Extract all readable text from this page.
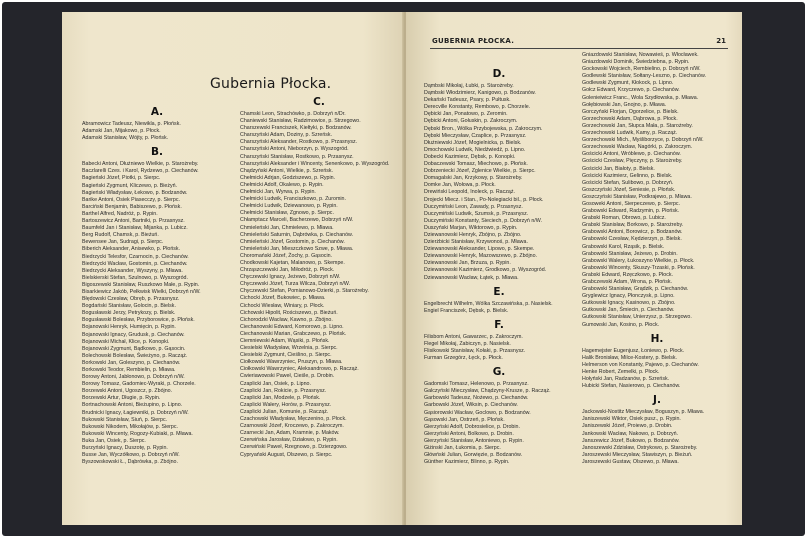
Gubernia Płocka.
A.
Abramowicz Tadeusz, Niewikla, p. Płońsk.
Adamski Jan, Mijakowo, p. Płock.
Adamski Stanisław, Wójty, p. Płońsk.
B.
Babecki Antoni, Dłużniewo Wielkie, p. Starożreby.
Baczlarelli Czes. i Karol, Rydzewo, p. Ciechanów.
Bagieński Józef, Piotki, p. Sierpc.
Bagieński Zygmunt, Kliczewo, p. Bieżyń.
Bagieński Władysław, Łekowo, p. Bodzanów.
Barike Antoni, Osiek Piasecczy, p. Sierpc.
Barciński Benjamin, Babiszewo, p. Płońsk.
Barthel Alfred, Nadróż, p. Rypin.
Bartoszewicz Antoni, Bartniki, p. Przasnysz.
Baumfeld Jan i Stanisław, Mijanka, p. Lubicz.
Berg Rudolf, Chamsk, p. Bieżuń.
Bewensee Jan, Sudragi, p. Sierpc.
Biberich Aleksander, Anisewko, p. Płońsk.
Biedrzycki Telesfor, Czarnocin, p. Ciechanów.
Biedrzycki Wacław, Gostomin, p. Ciechanów.
Biedrzycki Aleksander, Wyszyny, p. Mława.
Bielskierski Stefan, Szulnowo, p. Wyszogród.
Bigoszewski Stanisław, Ruszkowo Małe, p. Rypin.
Bisarkiewicz Jakób, Pełkwisk Wielki, Dobrzyń n/W.
Błędowski Czesław, Obręb, p. Przasnysz.
Bogdański Stanisław, Golocin, p. Bielsk.
Bogusławski Jerzy, Petrykozy, p. Bielsk.
Bogusławski Bolesław, Przyborowice, p. Płońsk.
Bojanowski Henryk, Humięcin, p. Rypin.
Bojanowski Ignacy, Grudusk, p. Ciechanów.
Bojanowski Michał, Klice, p. Konopki.
Bojanowski Zygmunt, Bądkowo, p. Gąsocin.
Bolechowski Bolesław, Świeżyno, p. Racząż.
Borkowski Jan, Goleszyno, p. Ciechanów.
Borkowski Teodor, Rembielin, p. Mława.
Borowy Antoni, Jabłonowo, p. Dobrzyń n/W.
Borowy Tomasz, Gadomiec-Wyraki, p. Chorzele.
Borzewski Antoni, Ugoszcz, p. Zbójno.
Borzewski Artur, Długie, p. Rypin.
Bortnachowski Antoni, Bieżupino, p. Lipno.
Brudnicki Ignacy, Łagiewniki, p. Dobrzyń n/W.
Bukowski Stanisław, Siuń, p. Sierpc.
Bukowski Nikodem, Mikołajów, p. Sierpc.
Bukowski Wincenty, Rogozy-Kubiaki, p. Mława.
Buka Jan, Osiek, p. Sierpc.
Burzyński Ignacy, Duszotę, p. Rypin.
Busse Jan, Wyczółkowo, p. Dobrzyń n/W.
Byszowskowski Ł., Dąbrówka, p. Zbójno.
C.
Chamski Leon, Strachówko, p. Dobrzyń n/Dr.
Chaniewski Stanisław, Radzimowice, p. Strzegowo.
Charszewski Franciszek, Kiełtyki, p. Bodzanów.
Charszyński Adam, Doziny, p. Szreńsk.
Charszyński Aleksander, Rostkowo, p. Przasnysz.
Charszyński Antoni, Nieborzyn, p. Wyszogród.
Charszyński Stanisław, Rostkowo, p. Przasnysz.
Charszyński Aleksander i Wincenty, Senenkowo, p. Wyszogród.
Chądzyński Antoni, Wielkie, p. Szreńsk.
Chełmicki Adrjan, Godziszewo, p. Rypin.
Chełmicki Adolf, Okalewo, p. Rypin.
Chełmicki Jan, Wyrwa, p. Rypin.
Chełmicki Ludwik, Franciszkowo, p. Zuromin.
Chełmicki Ludwik, Dziewanowo, p. Rypin.
Chełmicki Stanisław, Zgnowo, p. Sierpc.
Chłamptacz Marceli, Bacherzewo, Dobrzyń n/W.
Chmieleński Jan, Chmielewo, p. Mława.
Chmieleński Saturnin, Dąbrówka, p. Ciechanów.
Chmieleński Józef, Gostomin, p. Ciechanów.
Chmieleński Jan, Mieszczkowo Szwe, p. Mława.
Choromański Józef, Żochy, p. Gąsocin.
Chodkowski Kajetan, Malanowo, p. Skempe.
Chrząszczewski Jan, Miłodróż, p. Płock.
Chyczewski Ignacy, Jeżewo, Dobrzyń n/W.
Chyczewski Józef, Turza Wilcza, Dobrzyń n/W.
Chyczewski Stefan, Pomianowo-Dzierki, p. Starożreby.
Cichocki Józef, Bukowiec, p. Mława.
Cichocki Wiesław, Winiary, p. Płock.
Cichowski Hipolit, Rościszewo, p. Bieżuń.
Cichorodzki Wacław, Kawno, p. Zbójno.
Ciechanowski Edward, Komorowo, p. Lipno.
Ciechanowski Marian, Grabczewo, p. Płońsk.
Ciemniewski Adam, Wąsiki, p. Płońsk.
Ciesielski Władysław, Wrzelnia, p. Sierpc.
Ciesielski Zygmunt, Cieślino, p. Sierpc.
Ciołkowski Wawrzyniec, Pruszyn, p. Mława.
Ciołkowski Wawrzyniec, Aleksandrowo, p. Racząż.
Cwieriawowski Paweł, Cieśle, p. Drobin.
Czaplicki Jan, Osiek, p. Lipno.
Czaplicki Jan, Rokicie, p. Przasnysz.
Czaplicki Jan, Modzele, p. Płońsk.
Czaplicki Wałery, Horów, p. Przasnysz.
Czaplicki Julian, Komunie, p. Racząż.
Czachowski Władysław, Męczenino, p. Płock.
Czarnowski Józef, Kroczewo, p. Zakroczym.
Czarnecki Jan, Adam, Kramnie, p. Maków.
Czerwińska Jarosław, Działowo, p. Rypin.
Czerwiński Paweł, Rzegnowo, p. Dzierzgowo.
Cypryański August, Olszewo, p. Sierpc.
GUBERNIA PŁOCKA.	21
D.
Dąmbski Mikołaj, Łubki, p. Starożreby.
Dąmbski Włodzimierz, Kanigowo, p. Bodzanów.
Dekański Tadeusz, Psary, p. Pułtusk.
Derecville Konstanty, Rembowo, p. Chorzele.
Dębicki Jan, Ponatowo, p. Zeromin.
Dębicki Antoni, Gołuskin, p. Zakroczym.
Dębski Bron., Wólka Przybojewska, p. Zakroczym.
Dębski Mieczysław, Czaplice, p. Przasnysz.
Dłużniewski Józef, Mogielnicka, p. Bielsk.
Dmochowski Ludwik, Niedźwiedź, p. Lipno.
Dobecki Kazimierz, Dębsk, p. Konopki.
Dobaczewski Tomasz, Miechowo, p. Płońsk.
Dobrzeniecki Józef, Zglenice Wielkie, p. Sierpc.
Domagalski Jan, Krzykowy, p. Starożreby.
Domke Jan, Wołowa, p. Płock.
Drewiński Leopold, Inoleck, p. Racząż.
Drojecki Miecz. i Stan., Po-Nolegiacki bil., p. Płock.
Duczymiński Leon, Zawady, p. Przasnysz.
Duczymiński Ludwik, Szumsk, p. Przasnysz.
Duczymiński Konstanty, Sieciech, p. Dobrzyń n/W.
Duszyński Marjan, Wiktorowo, p. Rypin.
Dziewanowski Henryk, Zbójno, p. Zbójno.
Dzierżbicki Stanisław, Krzywonoś, p. Mława.
Dziewanowski Aleksander, Lipowo, p. Skempe.
Dziewanowski Henryk, Mazowszewo, p. Zbójno.
Dziewanowski Jan, Brzuza, p. Rypin.
Dziewanowski Kazimierz, Grodkowo, p. Wyszogród.
Dziewanowski Wacław, Łątek, p. Mława.
E.
Engelbrecht Wilhelm, Wólka Szczawińska, p. Nasielsk.
Engiel Franciszek, Dębsk, p. Bielsk.
F.
Filisbom Antoni, Gawarzec, p. Zakroczym.
Flegel Mikołaj, Zabiczyn, p. Nasielsk.
Flisikowski Stanisław, Kołaki, p. Przasnysz.
Furman Grzegórz, Łęck, p. Płock.
G.
Gadomski Tomasz, Helenowo, p. Przasnysz.
Galczyński Mieczysław, Chądzyny-Krusze, p. Racząż.
Garbowski Tadeusz, Nożewo, p. Ciechanów.
Garbowski Józef, Wiksin, p. Ciechanów.
Gąsiorowski Wacław, Goclowo, p. Bodzanów.
Gąsowski Jan, Ostrzeń, p. Płońsk.
Gierzyński Adolf, Dobrosielice, p. Drobin.
Gierzyński Antoni, Bolkowo, p. Drobin.
Gierzyński Stanisław, Antoniewo, p. Rypin.
Giżinski Jan, Łukomia, p. Sierpc.
Główński Julian, Gorwięzie, p. Bodzanów.
Günther Kazimierz, Blinno, p. Rypin.
Gniazdowski Stanisław, Nowawieś, p. Włocławek.
Gniazdowski Dominik, Świedziebna, p. Rypin.
Gockowski Wojciech, Rembielino, p. Dobrzyń n/W.
Godlewski Stanisław, Sołtany-Leszno, p. Ciechanów.
Godlewski Zygmunt, Kłokock, p. Lipno.
Gołcz Edward, Krzyczewo, p. Ciechanów.
Golenieiwicz Franc., Wola Szydłowska, p. Mława.
Gołębiowski Jan, Gnojno, p. Mława.
Gorczyński Florjan, Ogorzelice, p. Bielsk.
Gorzechowski Adam, Dąbrowa, p. Płock.
Gorzechowski Jan, Słupca Mała, p. Starożreby.
Gorzechowski Ludwik, Kamy, p. Racząż.
Gorzechowski Mich., Myśliborzyce, p. Dobrzyń n/W.
Gorzechowski Wacław, Nagórki, p. Zakroczym.
Gościcki Antoni, Wróblewo, p. Ciechanów.
Gościcki Czesław, Pięczyny, p. Starożreby.
Gościcki Jan, Białoty, p. Bielsk.
Gościcki Kazimierz, Gelinno, p. Bielsk.
Gościcki Stefan, Sulibowo, p. Dobrzyń.
Goszczyński Józef, Seniesie, p. Płońsk.
Goszczyński Stanisław, Podkrajewo, p. Mława.
Gosoweki Antoni, Sierpeczewo, p. Sierpc.
Grabowski Edward, Radzymin, p. Płońsk.
Grabski Roman, Obrowo, p. Lubicz.
Grabski Stanisław, Borkowo, p. Starożreby.
Grabowski Antoni, Borowicz, p. Bodzanów.
Grabowski Czesław, Kędzierzyn, p. Bielsk.
Grabowski Karol, Rząsik, p. Bielsk.
Grabowski Stanisław, Jeżewo, p. Drobin.
Grabowski Walery, Łukoszyno Wielkie, p. Płock.
Grabowski Wincenty, Skuszy-Trzaski, p. Płońsk.
Grabski Edward, Rzęczkowo, p. Płock.
Grabczewski Adam, Wrona, p. Płońsk.
Grabowski Stanisław, Grądzik, p. Ciechanów.
Gryglewicz Ignacy, Płonczysk, p. Lipno.
Gutkowski Ignacy, Kasinowo, p. Zbójno.
Gutkowski Jan, Śmiecin, p. Ciechanów.
Gutkowski Stanisław, Unierzysz, p. Strzegowo.
Gumowski Jan, Kosino, p. Płock.
H.
Hagemejster Eugenjusz, Łoniewo, p. Płock.
Halik Bronisław, Milce-Kostery, p. Bielsk.
Helmerson von Konstanty, Pajewo, p. Ciechanów.
Henke Robert, Zemelki, p. Płock.
Hołyński Jan, Radzanów, p. Szreńsk.
Hubicki Stefan, Nasierowo, p. Ciechanów.
J.
Jackowski-Nostitz Mieczysław, Boguszyn, p. Mława.
Janiszewski Wiktor, Osiek pusz., p. Rypin.
Janiszewski Józef, Proiewo, p. Drobin.
Jankowski Wacław, Nakowo, p. Dobrzyń.
Janszewicz Józef, Bukowo, p. Bodzanów.
Janoszewski Zdzisław, Ostrykowo, p. Starożreby.
Jaroszewski Mieczysław, Stawiszyn, p. Bieżuń.
Jaroszewski Gustaw, Olszewo, p. Mława.
